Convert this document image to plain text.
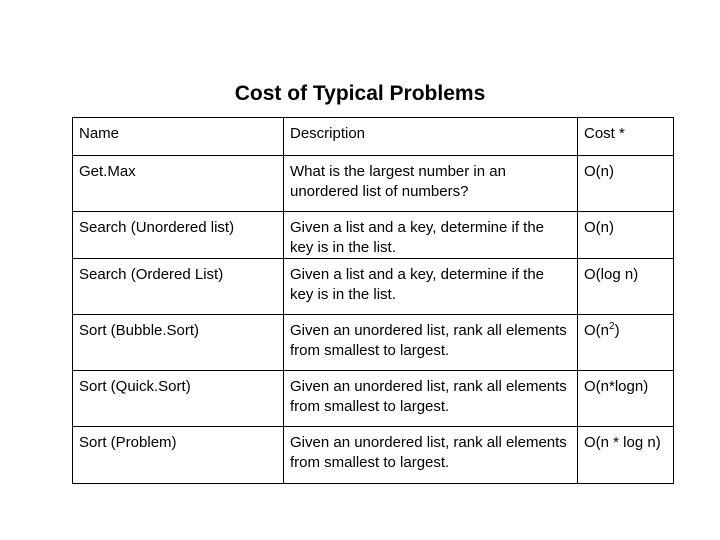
Cost of Typical Problems
Name	Description	Cost *
Get.Max	What is the largest number in an unordered list of numbers?	O(n)
Search (Unordered list)	Given a list and a key, determine if the key is in the list.	O(n)
Search (Ordered List)	Given a list and a key, determine if the key is in the list.	O(log n)
Sort (Bubble.Sort)	Given an unordered list, rank all elements from smallest to largest.	$O(n^2)$
Sort (Quick.Sort)	Given an unordered list, rank all elements from smallest to largest.	O(n*logn)
Sort (Problem)	Given an unordered list, rank all elements from smallest to largest.	O(n * log n)
